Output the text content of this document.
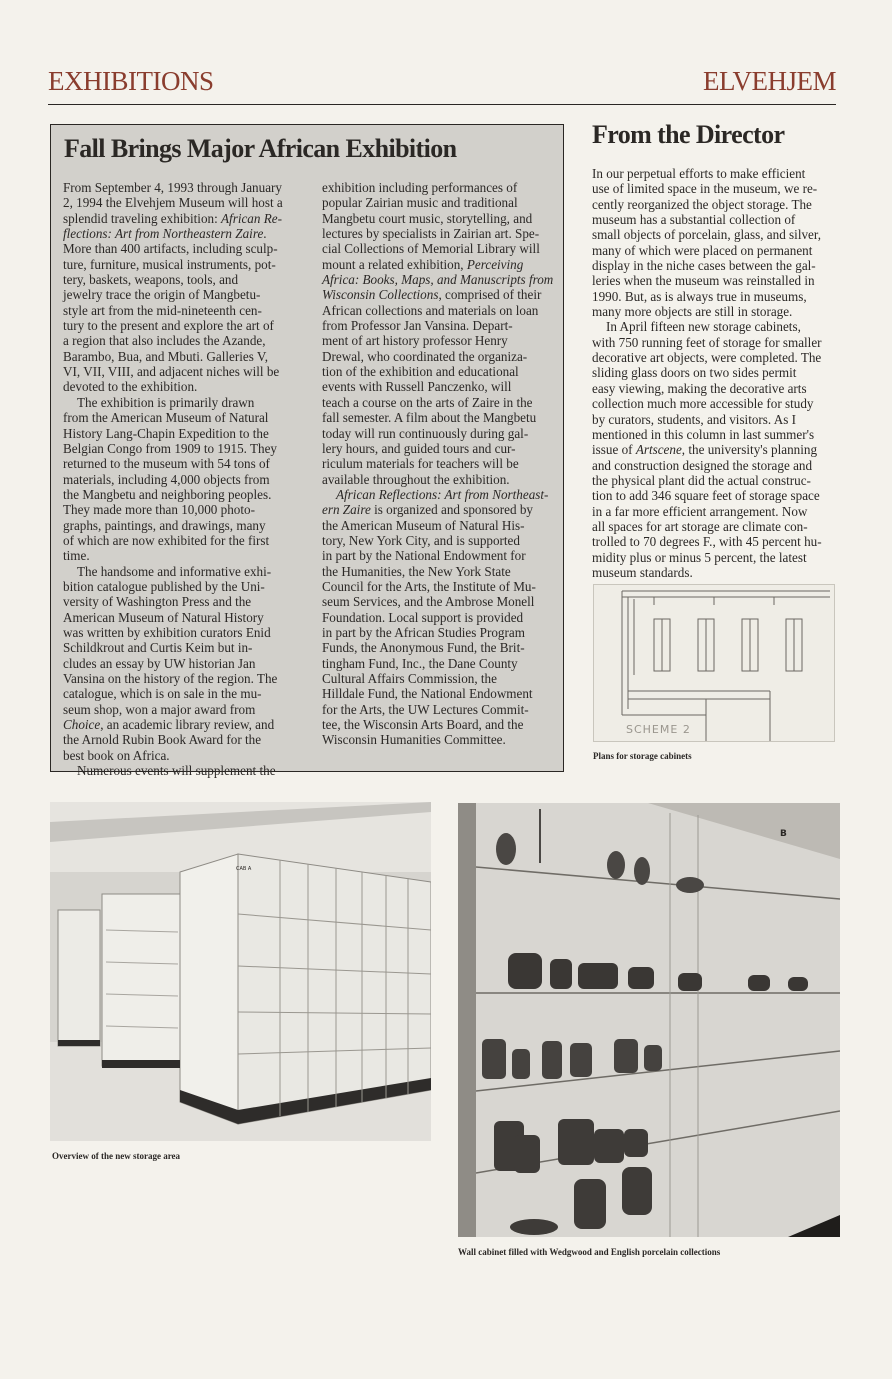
EXHIBITIONS	ELVEHJEM
Fall Brings Major African Exhibition

From September 4, 1993 through January
2, 1994 the Elvehjem Museum will host a
splendid traveling exhibition: African Re-
flections: Art from Northeastern Zaire.
More than 400 artifacts, including sculp-
ture, furniture, musical instruments, pot-
tery, baskets, weapons, tools, and
jewelry trace the origin of Mangbetu-
style art from the mid-nineteenth cen-
tury to the present and explore the art of
a region that also includes the Azande,
Barambo, Bua, and Mbuti. Galleries V,
VI, VII, VIII, and adjacent niches will be
devoted to the exhibition.

The exhibition is primarily drawn
from the American Museum of Natural
History Lang-Chapin Expedition to the
Belgian Congo from 1909 to 1915. They
returned to the museum with 54 tons of
materials, including 4,000 objects from
the Mangbetu and neighboring peoples.
They made more than 10,000 photo-
graphs, paintings, and drawings, many
of which are now exhibited for the first
time.

The handsome and informative exhi-
bition catalogue published by the Uni-
versity of Washington Press and the
American Museum of Natural History
was written by exhibition curators Enid
Schildkrout and Curtis Keim but in-
cludes an essay by UW historian Jan
Vansina on the history of the region. The
catalogue, which is on sale in the mu-
seum shop, won a major award from
Choice, an academic library review, and
the Arnold Rubin Book Award for the
best book on Africa.

Numerous events will supplement the

exhibition including performances of
popular Zairian music and traditional
Mangbetu court music, storytelling, and
lectures by specialists in Zairian art. Spe-
cial Collections of Memorial Library will
mount a related exhibition, Perceiving
Africa: Books, Maps, and Manuscripts from
Wisconsin Collections, comprised of their
African collections and materials on loan
from Professor Jan Vansina. Depart-
ment of art history professor Henry
Drewal, who coordinated the organiza-
tion of the exhibition and educational
events with Russell Panczenko, will
teach a course on the arts of Zaire in the
fall semester. A film about the Mangbetu
today will run continuously during gal-
lery hours, and guided tours and cur-
riculum materials for teachers will be
available throughout the exhibition.

African Reflections: Art from Northeast-
ern Zaire is organized and sponsored by
the American Museum of Natural His-
tory, New York City, and is supported
in part by the National Endowment for
the Humanities, the New York State
Council for the Arts, the Institute of Mu-
seum Services, and the Ambrose Monell
Foundation. Local support is provided
in part by the African Studies Program
Funds, the Anonymous Fund, the Brit-
tingham Fund, Inc., the Dane County
Cultural Affairs Commission, the
Hilldale Fund, the National Endowment
for the Arts, the UW Lectures Commit-
tee, the Wisconsin Arts Board, and the
Wisconsin Humanities Committee.

From the Director

In our perpetual efforts to make efficient
use of limited space in the museum, we re-
cently reorganized the object storage. The
museum has a substantial collection of
small objects of porcelain, glass, and silver,
many of which were placed on permanent
display in the niche cases between the gal-
leries when the museum was reinstalled in
1990. But, as is always true in museums,
many more objects are still in storage.

In April fifteen new storage cabinets,
with 750 running feet of storage for smaller
decorative art objects, were completed. The
sliding glass doors on two sides permit
easy viewing, making the decorative arts
collection much more accessible for study
by curators, students, and visitors. As I
mentioned in this column in last summer's
issue of Artscene, the university's planning
and construction designed the storage and
the physical plant did the actual construc-
tion to add 346 square feet of storage space
in a far more efficient arrangement. Now
all spaces for art storage are climate con-
trolled to 70 degrees F., with 45 percent hu-
midity plus or minus 5 percent, the latest
museum standards.

SCHEME 2
Plans for storage cabinets
CAB A
Overview of the new storage area
B
Wall cabinet filled with Wedgwood and English porcelain collections
